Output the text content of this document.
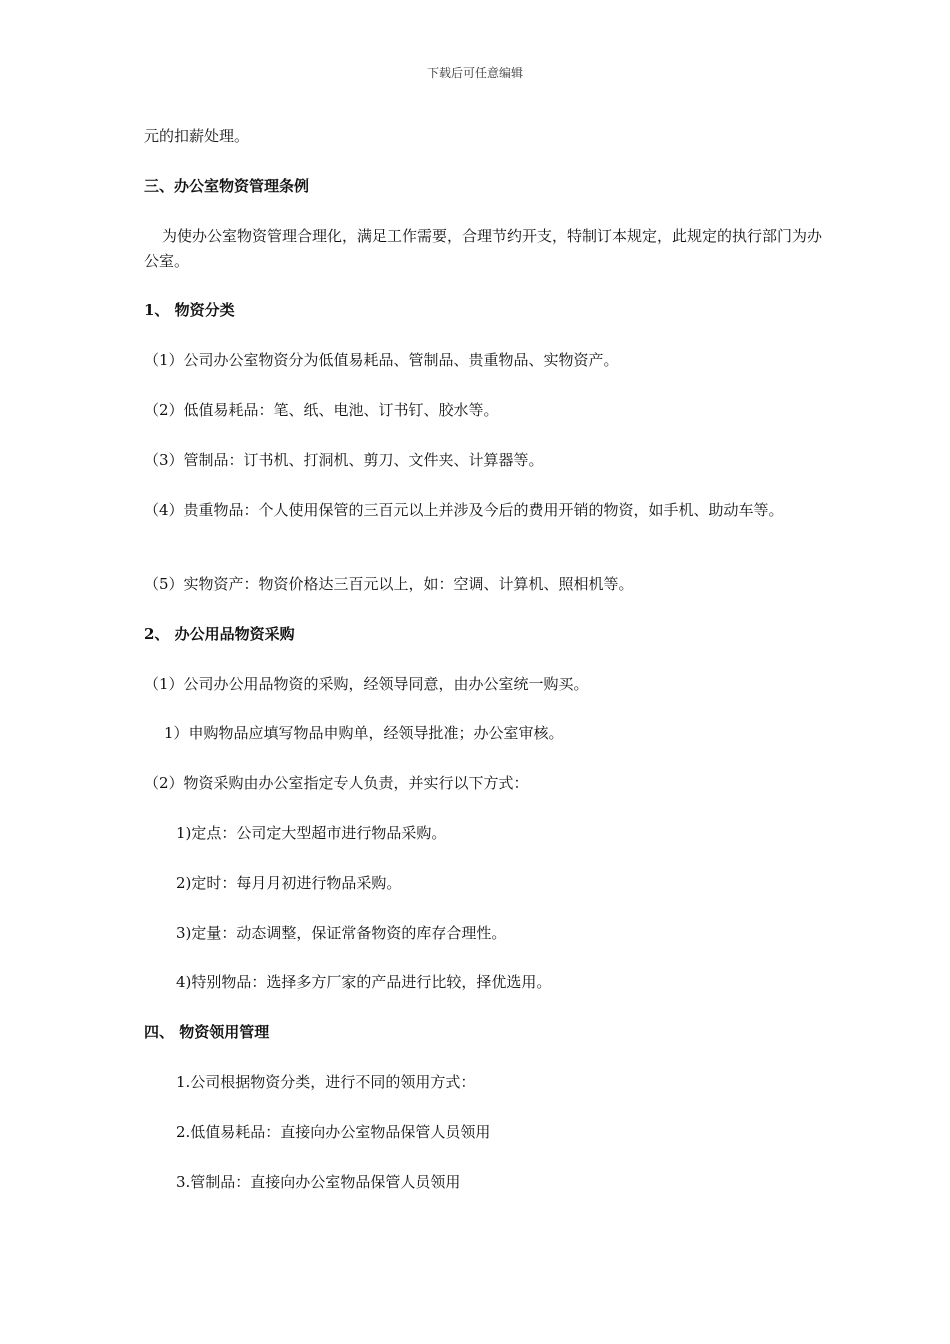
下载后可任意编辑
元的扣薪处理。
三、办公室物资管理条例
为使办公室物资管理合理化，满足工作需要，合理节约开支，特制订本规定，此规定的执行部门为办公室。
1、 物资分类
（1）公司办公室物资分为低值易耗品、管制品、贵重物品、实物资产。
（2）低值易耗品：笔、纸、电池、订书钉、胶水等。
（3）管制品：订书机、打洞机、剪刀、文件夹、计算器等。
（4）贵重物品：个人使用保管的三百元以上并涉及今后的费用开销的物资，如手机、助动车等。
（5）实物资产：物资价格达三百元以上，如：空调、计算机、照相机等。
2、 办公用品物资采购
（1）公司办公用品物资的采购，经领导同意，由办公室统一购买。
1）申购物品应填写物品申购单，经领导批准；办公室审核。
（2）物资采购由办公室指定专人负责，并实行以下方式：
1)定点：公司定大型超市进行物品采购。
2)定时：每月月初进行物品采购。
3)定量：动态调整，保证常备物资的库存合理性。
4)特别物品：选择多方厂家的产品进行比较，择优选用。
四、 物资领用管理
1.公司根据物资分类，进行不同的领用方式：
2.低值易耗品：直接向办公室物品保管人员领用
3.管制品：直接向办公室物品保管人员领用
